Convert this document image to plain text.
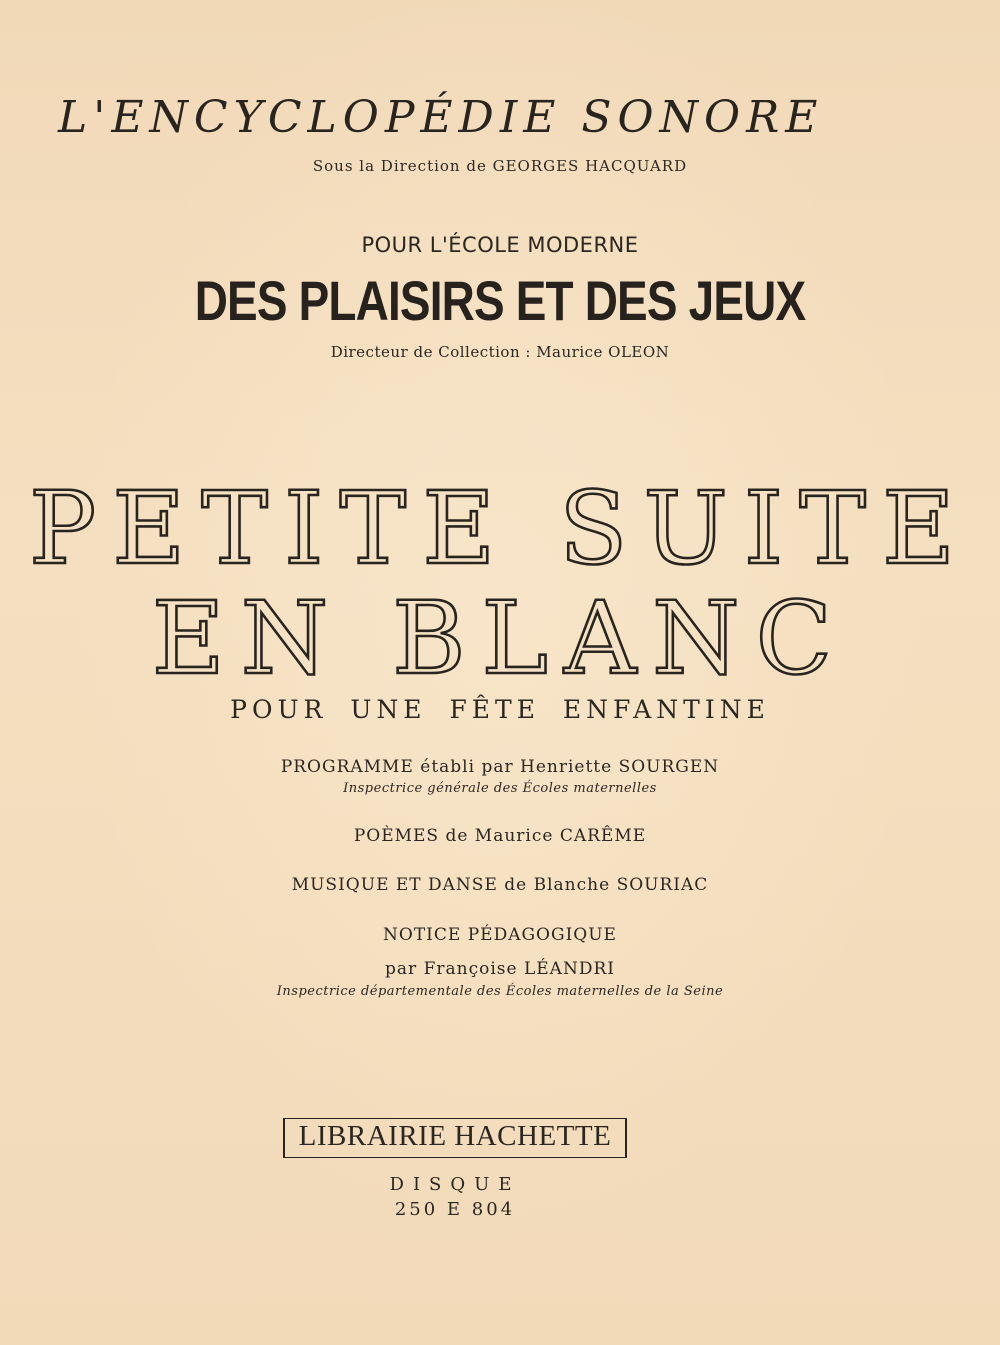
L'ENCYCLOPÉDIE SONORE
Sous la Direction de GEORGES HACQUARD
POUR L'ÉCOLE MODERNE
DES PLAISIRS ET DES JEUX
Directeur de Collection : Maurice OLEON
PETITE SUITE
EN BLANC
POUR UNE FÊTE ENFANTINE
PROGRAMME établi par Henriette SOURGEN
Inspectrice générale des Écoles maternelles
POÈMES de Maurice CARÊME
MUSIQUE ET DANSE de Blanche SOURIAC
NOTICE PÉDAGOGIQUE
par Françoise LÉANDRI
Inspectrice départementale des Écoles maternelles de la Seine
LIBRAIRIE HACHETTE
DISQUE
250 E 804
